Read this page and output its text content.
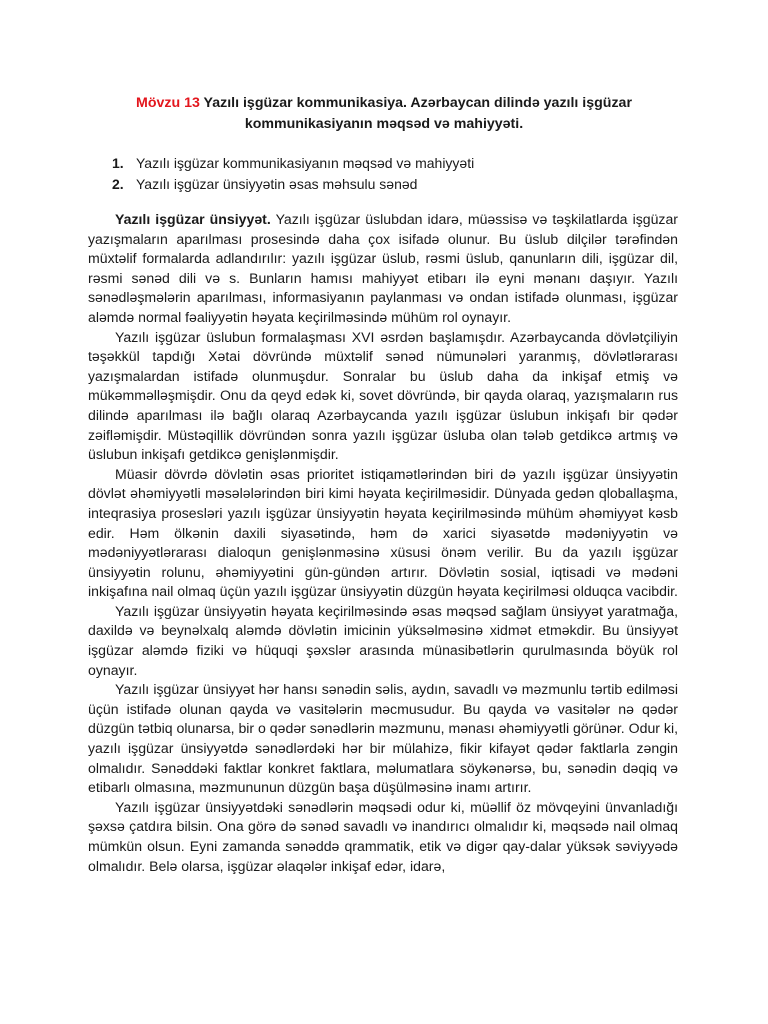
Mövzu 13 Yazılı işgüzar kommunikasiya. Azərbaycan dilində yazılı işgüzar kommunikasiyanın məqsəd və mahiyyəti.
1. Yazılı işgüzar kommunikasiyanın məqsəd və mahiyyəti
2. Yazılı işgüzar ünsiyyətin əsas məhsulu sənəd

Yazılı işgüzar ünsiyyət. Yazılı işgüzar üslubdan idarə, müəssisə və təşkilatlarda işgüzar yazışmaların aparılması prosesində daha çox isifadə olunur. Bu üslub dilçilər tərəfindən müxtəlif formalarda adlandırılır: yazılı işgüzar üslub, rəsmi üslub, qanunların dili, işgüzar dil, rəsmi sənəd dili və s. Bunların hamısı mahiyyət etibarı ilə eyni mənanı daşıyır. Yazılı sənədləşmələrin aparılması, informasiyanın paylanması və ondan istifadə olunması, işgüzar aləmdə normal fəaliyyətin həyata keçirilməsində mühüm rol oynayır.

Yazılı işgüzar üslubun formalaşması XVI əsrdən başlamışdır. Azərbaycanda dövlətçiliyin təşəkkül tapdığı Xətai dövründə müxtəlif sənəd nümunələri yaranmış, dövlətlərarası yazışmalardan istifadə olunmuşdur. Sonralar bu üslub daha da inkişaf etmiş və mükəmməlləşmişdir. Onu da qeyd edək ki, sovet dövründə, bir qayda olaraq, yazışmaların rus dilində aparılması ilə bağlı olaraq Azərbaycanda yazılı işgüzar üslubun inkişafı bir qədər zəifləmişdir. Müstəqillik dövründən sonra yazılı işgüzar üsluba olan tələb getdikcə artmış və üslubun inkişafı getdikcə genişlənmişdir.

Müasir dövrdə dövlətin əsas prioritet istiqamətlərindən biri də yazılı işgüzar ünsiyyətin dövlət əhəmiyyətli məsələlərindən biri kimi həyata keçirilməsidir. Dünyada gedən qloballaşma, inteqrasiya prosesləri yazılı işgüzar ünsiyyətin həyata keçirilməsində mühüm əhəmiyyət kəsb edir. Həm ölkənin daxili siyasətində, həm də xarici siyasətdə mədəniyyətin və mədəniyyətlərarası dialoqun genişlənməsinə xüsusi önəm verilir. Bu da yazılı işgüzar ünsiyyətin rolunu, əhəmiyyətini gün-gündən artırır. Dövlətin sosial, iqtisadi və mədəni inkişafına nail olmaq üçün yazılı işgüzar ünsiyyətin düzgün həyata keçirilməsi olduqca vacibdir.

Yazılı işgüzar ünsiyyətin həyata keçirilməsində əsas məqsəd sağlam ünsiyyət yaratmağa, daxildə və beynəlxalq aləmdə dövlətin imicinin yüksəlməsinə xidmət etməkdir. Bu ünsiyyət işgüzar aləmdə fiziki və hüquqi şəxslər arasında münasibətlərin qurulmasında böyük rol oynayır.

Yazılı işgüzar ünsiyyət hər hansı sənədin səlis, aydın, savadlı və məzmunlu tərtib edilməsi üçün istifadə olunan qayda və vasitələrin məcmusudur. Bu qayda və vasitələr nə qədər düzgün tətbiq olunarsa, bir o qədər sənədlərin məzmunu, mənası əhəmiyyətli görünər. Odur ki, yazılı işgüzar ünsiyyətdə sənədlərdəki hər bir mülahizə, fikir kifayət qədər faktlarla zəngin olmalıdır. Sənəddəki faktlar konkret faktlara, məlumatlara söykənərsə, bu, sənədin dəqiq və etibarlı olmasına, məzmununun düzgün başa düşülməsinə inamı artırır.

Yazılı işgüzar ünsiyyətdəki sənədlərin məqsədi odur ki, müəllif öz mövqeyini ünvanladığı şəxsə çatdıra bilsin. Ona görə də sənəd savadlı və inandırıcı olmalıdır ki, məqsədə nail olmaq mümkün olsun. Eyni zamanda sənəddə qrammatik, etik və digər qay-dalar yüksək səviyyədə olmalıdır. Belə olarsa, işgüzar əlaqələr inkişaf edər, idarə,
